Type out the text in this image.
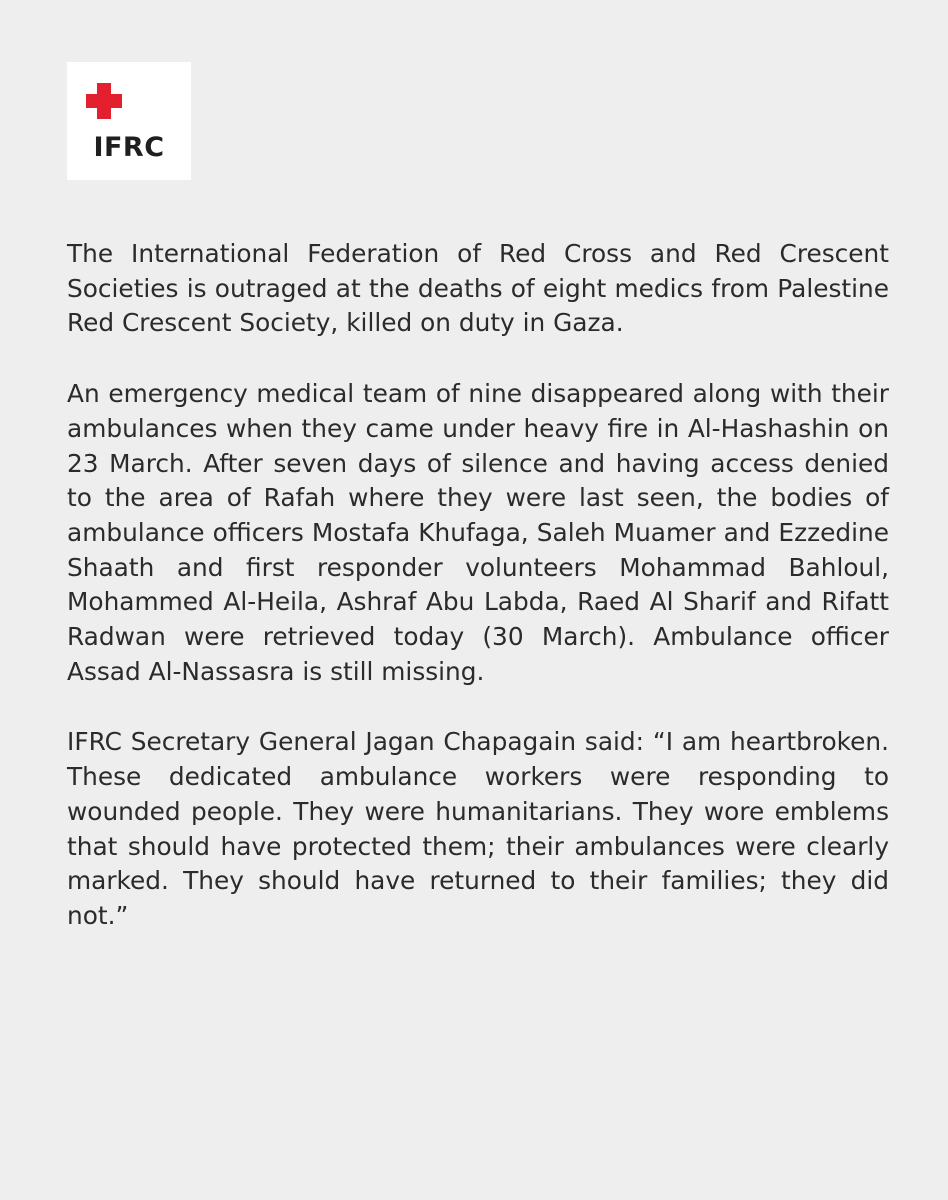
IFRC

The International Federation of Red Cross and Red Crescent Societies is outraged at the deaths of eight medics from Palestine Red Crescent Society, killed on duty in Gaza.

An emergency medical team of nine disappeared along with their ambulances when they came under heavy fire in Al-Hashashin on 23 March. After seven days of silence and having access denied to the area of Rafah where they were last seen, the bodies of ambulance officers Mostafa Khufaga, Saleh Muamer and Ezzedine Shaath and first responder volunteers Mohammad Bahloul, Mohammed Al-Heila, Ashraf Abu Labda, Raed Al Sharif and Rifatt Radwan were retrieved today (30 March). Ambulance officer Assad Al-Nassasra is still missing.

IFRC Secretary General Jagan Chapagain said: “I am heartbroken. These dedicated ambulance workers were responding to wounded people. They were humanitarians. They wore emblems that should have protected them; their ambulances were clearly marked. They should have returned to their families; they did not.”
